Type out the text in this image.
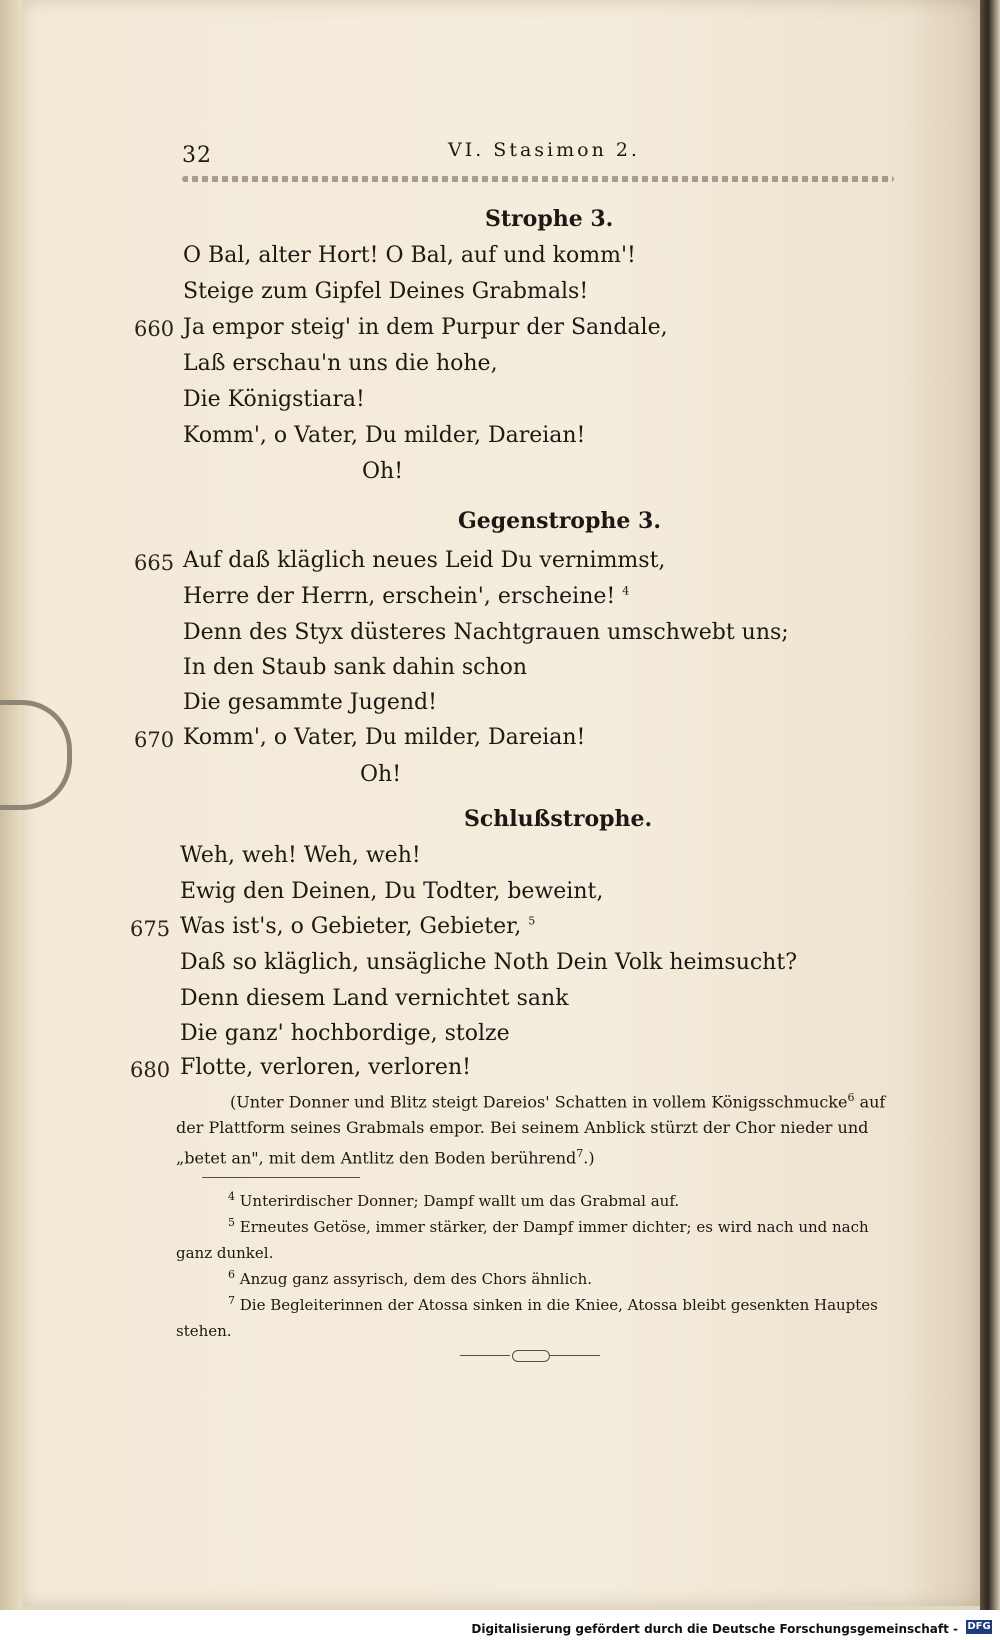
32	VI. Stasimon 2.
Strophe 3.
O Bal, alter Hort! O Bal, auf und komm'!
Steige zum Gipfel Deines Grabmals!
660 Ja empor steig' in dem Purpur der Sandale,
Laß erschau'n uns die hohe,
Die Königstiara!
Komm', o Vater, Du milder, Dareian!
Oh!
Gegenstrophe 3.
665 Auf daß kläglich neues Leid Du vernimmst,
Herre der Herrn, erschein', erscheine! $^4$
Denn des Styx düsteres Nachtgrauen umschwebt uns;
In den Staub sank dahin schon
Die gesammte Jugend!
670 Komm', o Vater, Du milder, Dareian!
Oh!
Schlußstrophe.
Weh, weh! Weh, weh!
Ewig den Deinen, Du Todter, beweint,
675 Was ist's, o Gebieter, Gebieter, $^5$
Daß so kläglich, unsägliche Noth Dein Volk heimsucht?
Denn diesem Land vernichtet sank
Die ganz' hochbordige, stolze
680 Flotte, verloren, verloren!
(Unter Donner und Blitz steigt Dareios' Schatten in vollem Königsschmucke$^6$ auf der Plattform seines Grabmals empor. Bei seinem Anblick stürzt der Chor nieder und „betet an", mit dem Antlitz den Boden berührend$^7$.)
$^4$ Unterirdischer Donner; Dampf wallt um das Grabmal auf.
$^5$ Erneutes Getöse, immer stärker, der Dampf immer dichter; es wird nach und nach ganz dunkel.
$^6$ Anzug ganz assyrisch, dem des Chors ähnlich.
$^7$ Die Begleiterinnen der Atossa sinken in die Kniee, Atossa bleibt gesenkten Hauptes stehen.
Digitalisierung gefördert durch die Deutsche Forschungsgemeinschaft - DFG
